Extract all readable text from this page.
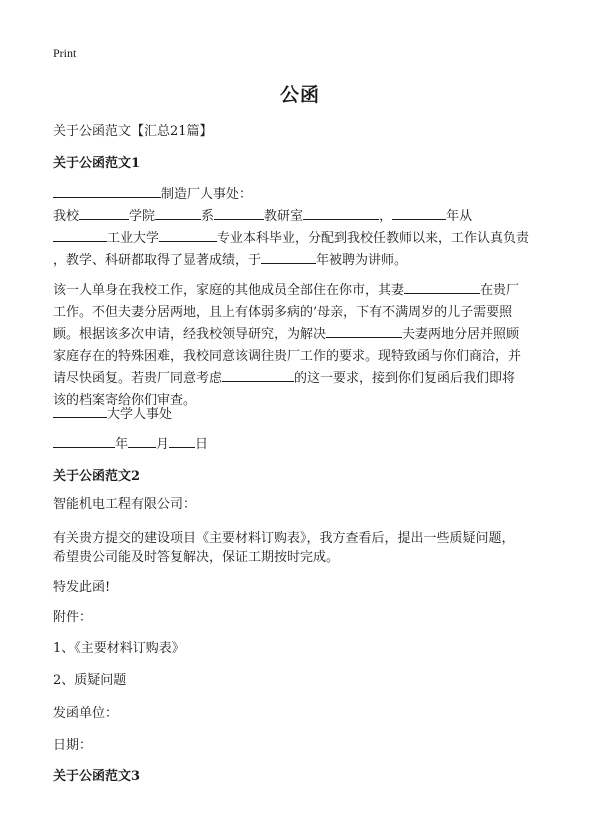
Print
公函
关于公函范文【汇总21篇】
关于公函范文1
制造厂人事处：
我校	学院	系	教研室	，	年从
工业大学	专业本科毕业，分配到我校任教师以来，工作认真负责
，教学、科研都取得了显著成绩，于	年被聘为讲师。
该一人单身在我校工作，家庭的其他成员全部住在你市，其妻	在贵厂
工作。不但夫妻分居两地，且上有体弱多病的’母亲，下有不满周岁的儿子需要照
顾。根据该多次申请，经我校领导研究，为解决	夫妻两地分居并照顾
家庭存在的特殊困难，我校同意该调往贵厂工作的要求。现特致函与你们商洽，并
请尽快函复。若贵厂同意考虑	的这一要求，接到你们复函后我们即将
该的档案寄给你们审查。
大学人事处
年 月 日
关于公函范文2
智能机电工程有限公司：
有关贵方提交的建设项目《主要材料订购表》，我方查看后，提出一些质疑问题，
希望贵公司能及时答复解决，保证工期按时完成。
特发此函!
附件：
1、《主要材料订购表》
2、质疑问题
发函单位：
日期：
关于公函范文3
